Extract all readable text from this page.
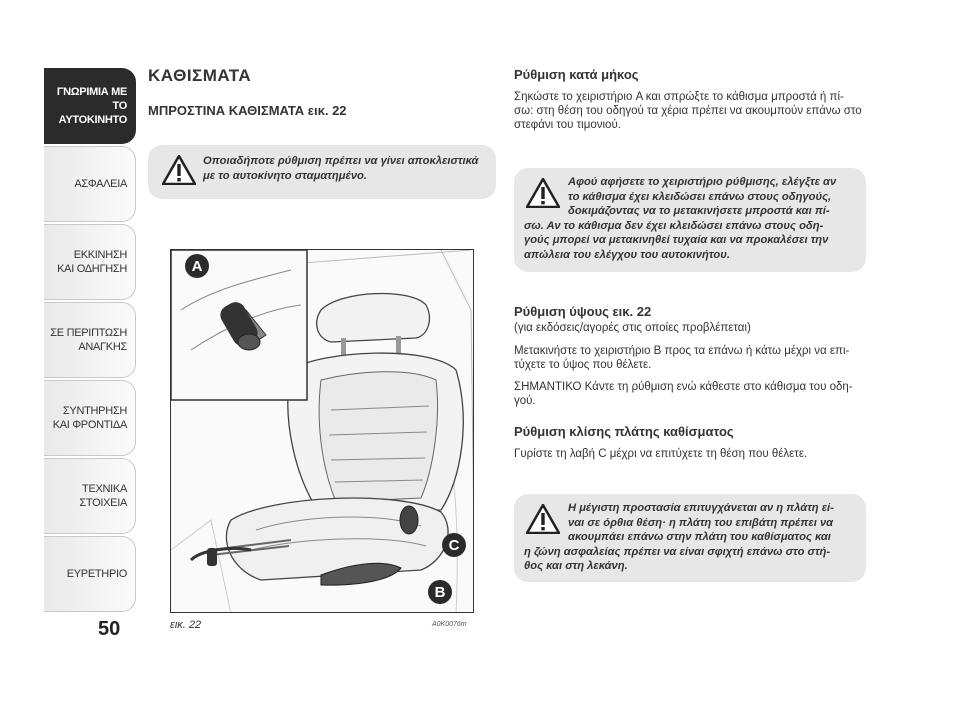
ΓΝΩΡΙΜΙΑ ΜΕ ΤΟ
ΑΥΤΟΚΙΝΗΤΟ
ΑΣΦΑΛΕΙΑ
ΕΚΚΙΝΗΣΗ
ΚΑΙ ΟΔΗΓΗΣΗ
ΣΕ ΠΕΡΙΠΤΩΣΗ
ΑΝΑΓΚΗΣ
ΣΥΝΤΗΡΗΣΗ
ΚΑΙ ΦΡΟΝΤΙΔΑ
ΤΕΧΝΙΚΑ
ΣΤΟΙΧΕΙΑ
ΕΥΡΕΤΗΡΙΟ
50
ΚΑΘΙΣΜΑΤΑ
ΜΠΡΟΣΤΙΝΑ ΚΑΘΙΣΜΑΤΑ εικ. 22
Οποιαδήποτε ρύθμιση πρέπει να γίνει αποκλειστικά
με το αυτοκίνητο σταματημένο.
A
B
C
εικ. 22	A0K0076m
Ρύθμιση κατά μήκος
Σηκώστε το χειριστήριο A και σπρώξτε το κάθισμα μπροστά ή πί-
σω: στη θέση του οδηγού τα χέρια πρέπει να ακουμπούν επάνω στο
στεφάνι του τιμονιού.
Αφού αφήσετε το χειριστήριο ρύθμισης, ελέγξτε αν
το κάθισμα έχει κλειδώσει επάνω στους οδηγούς,
δοκιμάζοντας να το μετακινήσετε μπροστά και πί-
σω. Αν το κάθισμα δεν έχει κλειδώσει επάνω στους οδη-
γούς μπορεί να μετακινηθεί τυχαία και να προκαλέσει την
απώλεια του ελέγχου του αυτοκινήτου.
Ρύθμιση ύψους εικ. 22
(για εκδόσεις/αγορές στις οποίες προβλέπεται)
Μετακινήστε το χειριστήριο B προς τα επάνω ή κάτω μέχρι να επι-
τύχετε το ύψος που θέλετε.
ΣΗΜΑΝΤΙΚΟ Κάντε τη ρύθμιση ενώ κάθεστε στο κάθισμα του οδη-
γού.
Ρύθμιση κλίσης πλάτης καθίσματος
Γυρίστε τη λαβή C μέχρι να επιτύχετε τη θέση που θέλετε.
Η μέγιστη προστασία επιτυγχάνεται αν η πλάτη εί-
ναι σε όρθια θέση· η πλάτη του επιβάτη πρέπει να
ακουμπάει επάνω στην πλάτη του καθίσματος και
η ζώνη ασφαλείας πρέπει να είναι σφιχτή επάνω στο στή-
θος και στη λεκάνη.
